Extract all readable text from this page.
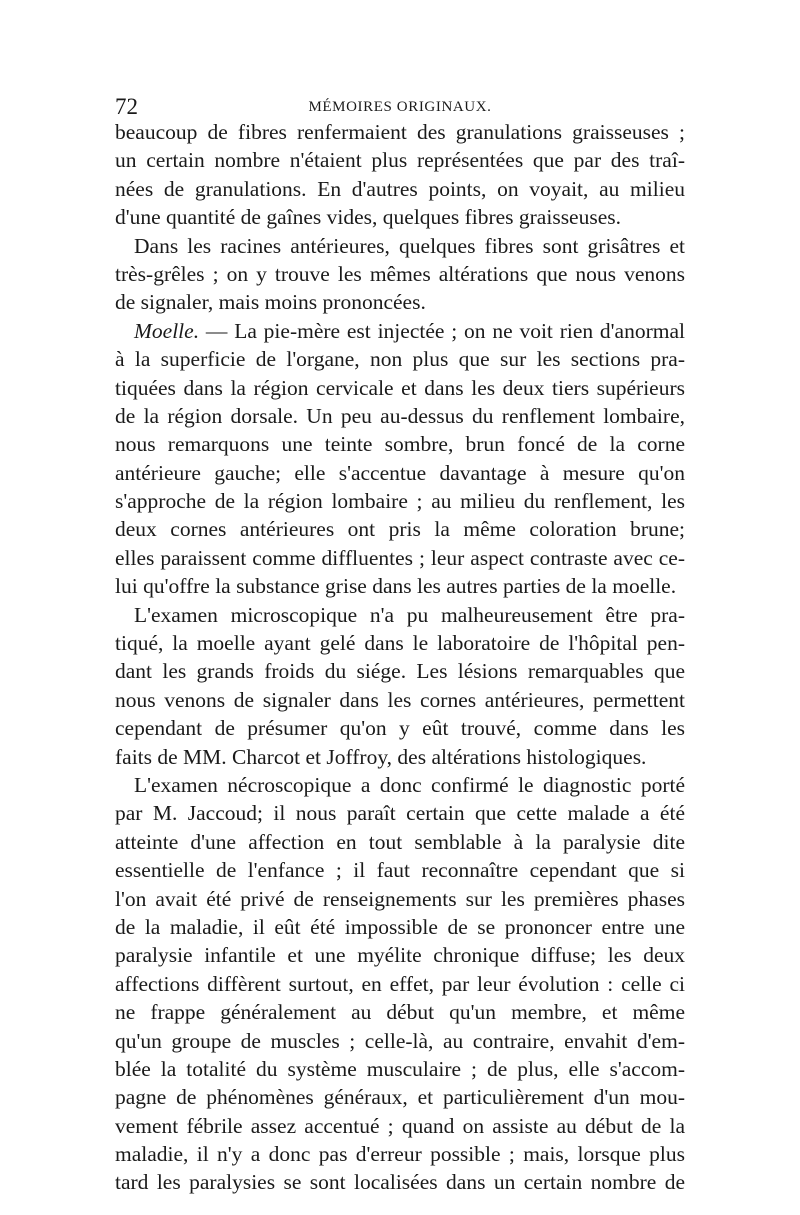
72	MÉMOIRES ORIGINAUX.
beaucoup de fibres renfermaient des granulations graisseuses ;
un certain nombre n'étaient plus représentées que par des traî-
nées de granulations. En d'autres points, on voyait, au milieu
d'une quantité de gaînes vides, quelques fibres graisseuses.
Dans les racines antérieures, quelques fibres sont grisâtres et
très-grêles ; on y trouve les mêmes altérations que nous venons
de signaler, mais moins prononcées.
Moelle. — La pie-mère est injectée ; on ne voit rien d'anormal
à la superficie de l'organe, non plus que sur les sections pra-
tiquées dans la région cervicale et dans les deux tiers supérieurs
de la région dorsale. Un peu au-dessus du renflement lombaire,
nous remarquons une teinte sombre, brun foncé de la corne
antérieure gauche; elle s'accentue davantage à mesure qu'on
s'approche de la région lombaire ; au milieu du renflement, les
deux cornes antérieures ont pris la même coloration brune;
elles paraissent comme diffluentes ; leur aspect contraste avec ce-
lui qu'offre la substance grise dans les autres parties de la moelle.
L'examen microscopique n'a pu malheureusement être pra-
tiqué, la moelle ayant gelé dans le laboratoire de l'hôpital pen-
dant les grands froids du siége. Les lésions remarquables que
nous venons de signaler dans les cornes antérieures, permettent
cependant de présumer qu'on y eût trouvé, comme dans les
faits de MM. Charcot et Joffroy, des altérations histologiques.
L'examen nécroscopique a donc confirmé le diagnostic porté
par M. Jaccoud; il nous paraît certain que cette malade a été
atteinte d'une affection en tout semblable à la paralysie dite
essentielle de l'enfance ; il faut reconnaître cependant que si
l'on avait été privé de renseignements sur les premières phases
de la maladie, il eût été impossible de se prononcer entre une
paralysie infantile et une myélite chronique diffuse; les deux
affections diffèrent surtout, en effet, par leur évolution : celle ci
ne frappe généralement au début qu'un membre, et même
qu'un groupe de muscles ; celle-là, au contraire, envahit d'em-
blée la totalité du système musculaire ; de plus, elle s'accom-
pagne de phénomènes généraux, et particulièrement d'un mou-
vement fébrile assez accentué ; quand on assiste au début de la
maladie, il n'y a donc pas d'erreur possible ; mais, lorsque plus
tard les paralysies se sont localisées dans un certain nombre de
